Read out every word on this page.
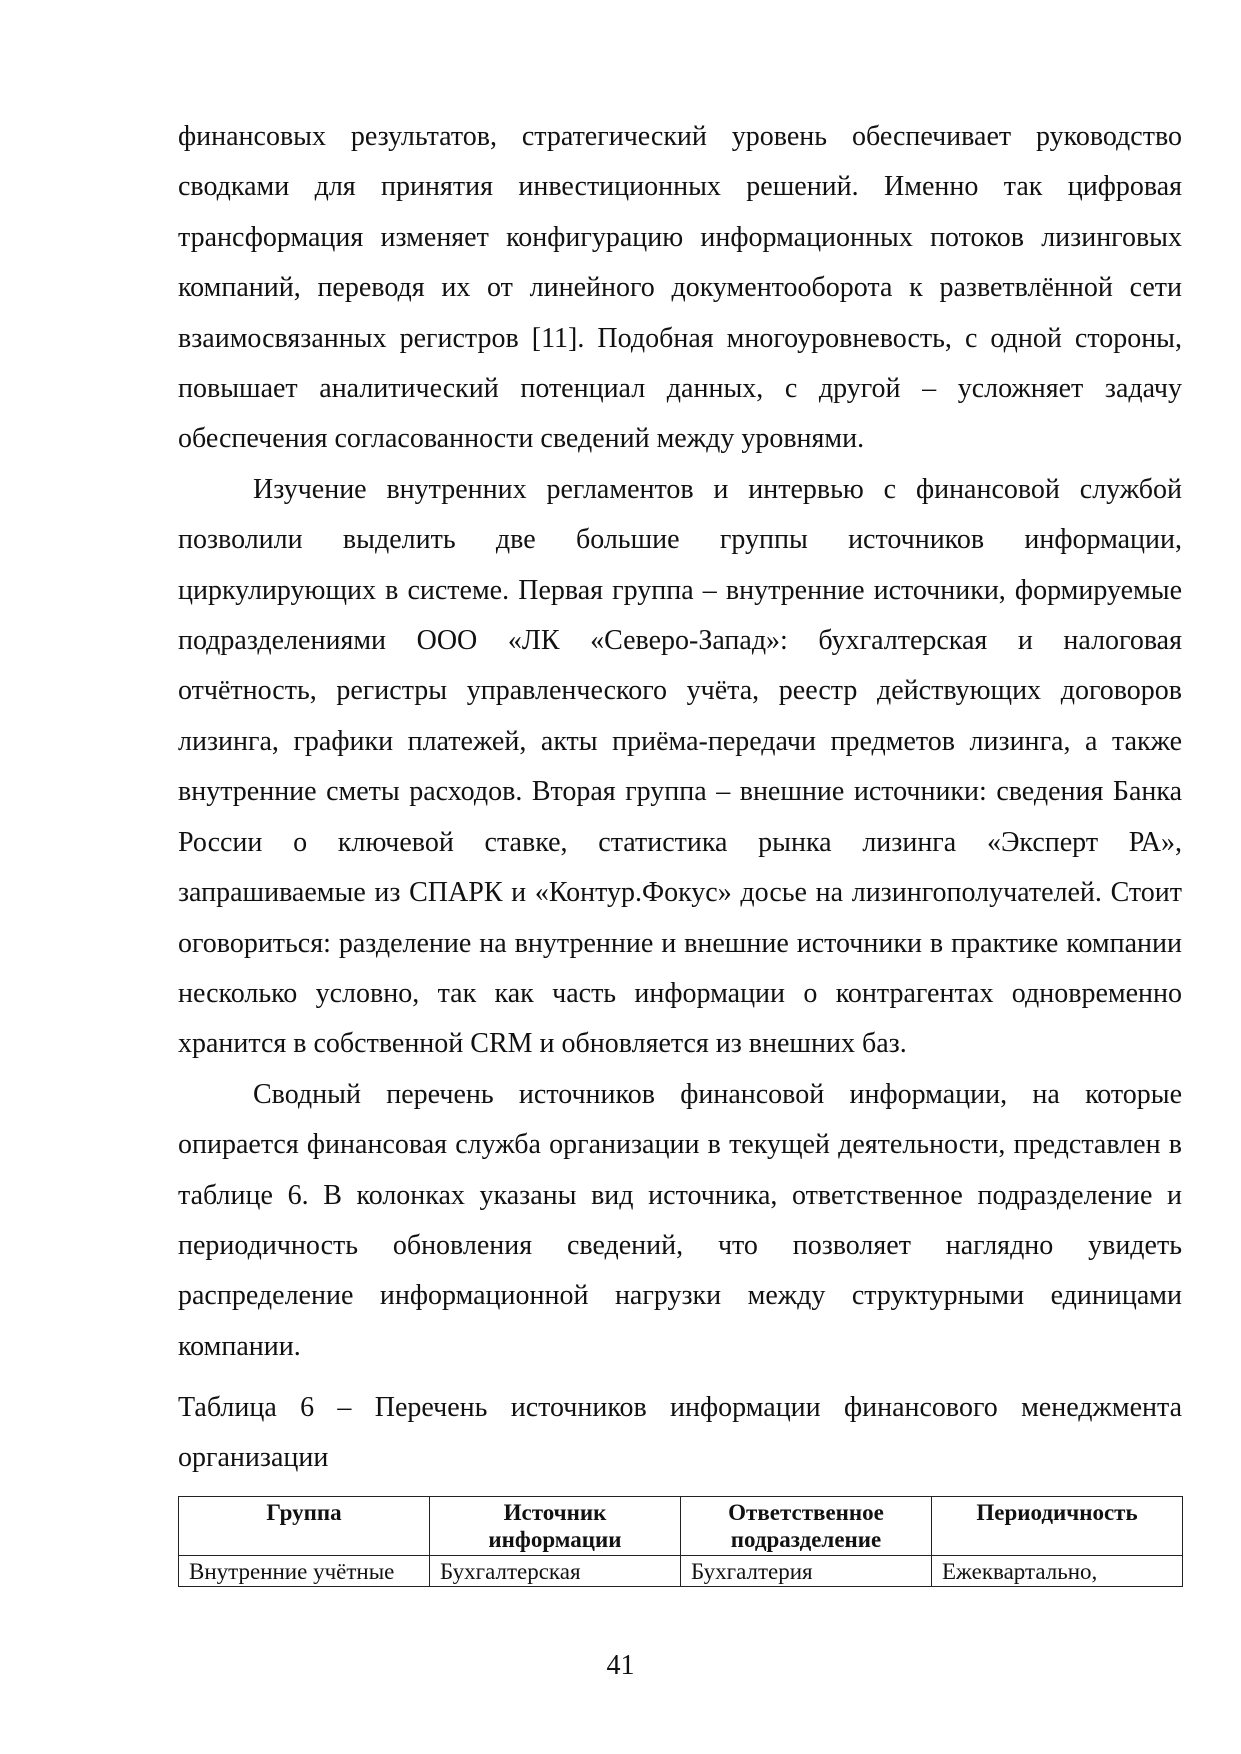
финансовых результатов, стратегический уровень обеспечивает руководство сводками для принятия инвестиционных решений. Именно так цифровая трансформация изменяет конфигурацию информационных потоков лизинговых компаний, переводя их от линейного документооборота к разветвлённой сети взаимосвязанных регистров [11]. Подобная многоуровневость, с одной стороны, повышает аналитический потенциал данных, с другой – усложняет задачу обеспечения согласованности сведений между уровнями.

Изучение внутренних регламентов и интервью с финансовой службой позволили выделить две большие группы источников информации, циркулирующих в системе. Первая группа – внутренние источники, формируемые подразделениями ООО «ЛК «Северо-Запад»: бухгалтерская и налоговая отчётность, регистры управленческого учёта, реестр действующих договоров лизинга, графики платежей, акты приёма-передачи предметов лизинга, а также внутренние сметы расходов. Вторая группа – внешние источники: сведения Банка России о ключевой ставке, статистика рынка лизинга «Эксперт РА», запрашиваемые из СПАРК и «Контур.Фокус» досье на лизингополучателей. Стоит оговориться: разделение на внутренние и внешние источники в практике компании несколько условно, так как часть информации о контрагентах одновременно хранится в собственной CRM и обновляется из внешних баз.

Сводный перечень источников финансовой информации, на которые опирается финансовая служба организации в текущей деятельности, представлен в таблице 6. В колонках указаны вид источника, ответственное подразделение и периодичность обновления сведений, что позволяет наглядно увидеть распределение информационной нагрузки между структурными единицами компании.

Таблица 6 – Перечень источников информации финансового менеджмента организации

Группа	Источник информации	Ответственное подразделение	Периодичность
Внутренние учётные	Бухгалтерская	Бухгалтерия	Ежеквартально,
41
